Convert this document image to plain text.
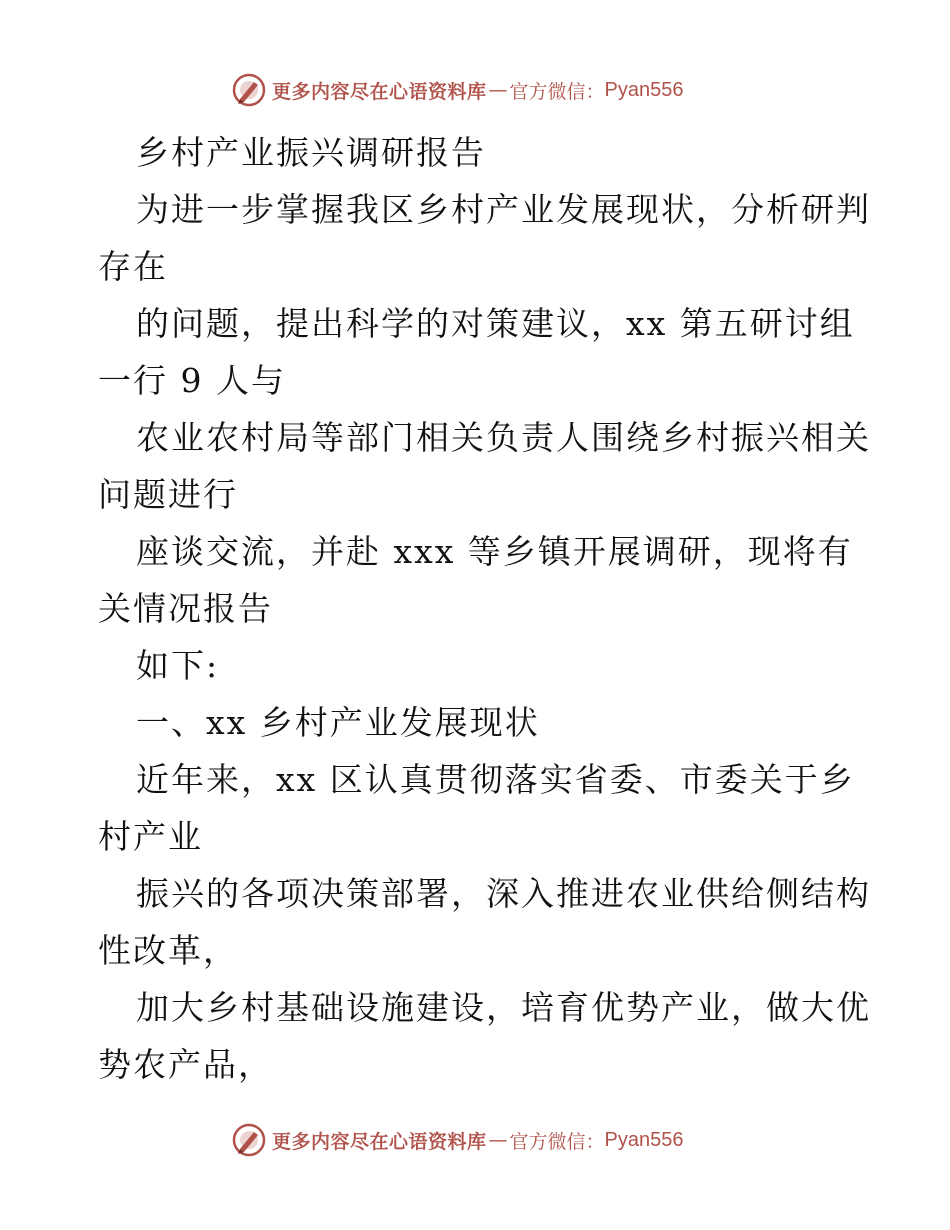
更多内容尽在心语资料库 — 官方微信： Pyan556
乡村产业振兴调研报告
为进一步掌握我区乡村产业发展现状，分析研判
存在
的问题，提出科学的对策建议，xx 第五研讨组
一行 9 人与
农业农村局等部门相关负责人围绕乡村振兴相关
问题进行
座谈交流，并赴 xxx 等乡镇开展调研，现将有
关情况报告
如下:
一、xx 乡村产业发展现状
近年来，xx 区认真贯彻落实省委、市委关于乡
村产业
振兴的各项决策部署，深入推进农业供给侧结构
性改革，
加大乡村基础设施建设，培育优势产业，做大优
势农产品，
更多内容尽在心语资料库 — 官方微信： Pyan556
